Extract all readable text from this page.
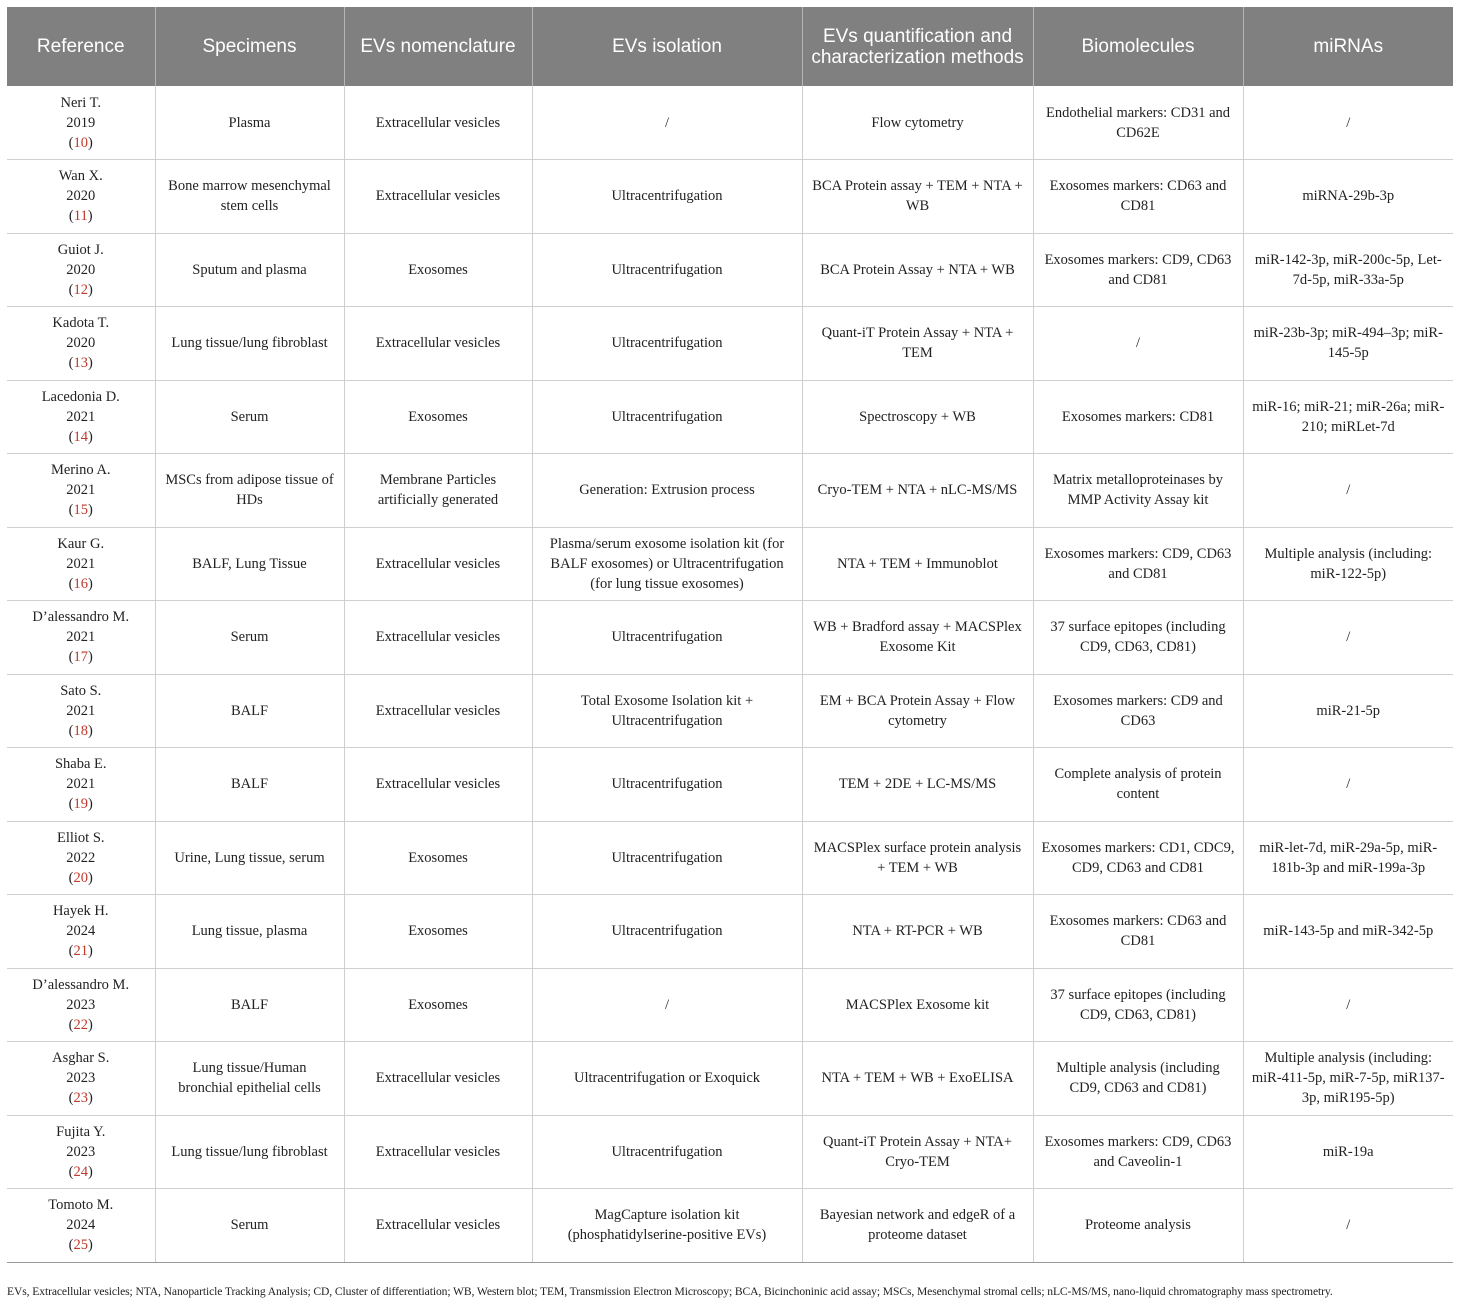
Reference	Specimens	EVs nomenclature	EVs isolation	EVs quantification and characterization methods	Biomolecules	miRNAs

Neri T.
2019
(10)	Plasma	Extracellular vesicles	/	Flow cytometry	Endothelial markers: CD31 and CD62E	/

Wan X.
2020
(11)	Bone marrow mesenchymal stem cells	Extracellular vesicles	Ultracentrifugation	BCA Protein assay + TEM + NTA + WB	Exosomes markers: CD63 and CD81	miRNA-29b-3p

Guiot J.
2020
(12)	Sputum and plasma	Exosomes	Ultracentrifugation	BCA Protein Assay + NTA + WB	Exosomes markers: CD9, CD63 and CD81	miR-142-3p, miR-200c-5p, Let-7d-5p, miR-33a-5p

Kadota T.
2020
(13)	Lung tissue/lung fibroblast	Extracellular vesicles	Ultracentrifugation	Quant-iT Protein Assay + NTA + TEM	/	miR-23b-3p; miR-494–3p; miR-145-5p

Lacedonia D.
2021
(14)	Serum	Exosomes	Ultracentrifugation	Spectroscopy + WB	Exosomes markers: CD81	miR-16; miR-21; miR-26a; miR-210; miRLet-7d

Merino A.
2021
(15)	MSCs from adipose tissue of HDs	Membrane Particles artificially generated	Generation: Extrusion process	Cryo-TEM + NTA + nLC-MS/MS	Matrix metalloproteinases by MMP Activity Assay kit	/

Kaur G.
2021
(16)	BALF, Lung Tissue	Extracellular vesicles	Plasma/serum exosome isolation kit (for BALF exosomes) or Ultracentrifugation (for lung tissue exosomes)	NTA + TEM + Immunoblot	Exosomes markers: CD9, CD63 and CD81	Multiple analysis (including: miR-122-5p)

D’alessandro M.
2021
(17)	Serum	Extracellular vesicles	Ultracentrifugation	WB + Bradford assay + MACSPlex Exosome Kit	37 surface epitopes (including CD9, CD63, CD81)	/

Sato S.
2021
(18)	BALF	Extracellular vesicles	Total Exosome Isolation kit + Ultracentrifugation	EM + BCA Protein Assay + Flow cytometry	Exosomes markers: CD9 and CD63	miR-21-5p

Shaba E.
2021
(19)	BALF	Extracellular vesicles	Ultracentrifugation	TEM + 2DE + LC-MS/MS	Complete analysis of protein content	/

Elliot S.
2022
(20)	Urine, Lung tissue, serum	Exosomes	Ultracentrifugation	MACSPlex surface protein analysis + TEM + WB	Exosomes markers: CD1, CDC9, CD9, CD63 and CD81	miR-let-7d, miR-29a-5p, miR-181b-3p and miR-199a-3p

Hayek H.
2024
(21)	Lung tissue, plasma	Exosomes	Ultracentrifugation	NTA + RT-PCR + WB	Exosomes markers: CD63 and CD81	miR-143-5p and miR-342-5p

D’alessandro M.
2023
(22)	BALF	Exosomes	/	MACSPlex Exosome kit	37 surface epitopes (including CD9, CD63, CD81)	/

Asghar S.
2023
(23)	Lung tissue/Human bronchial epithelial cells	Extracellular vesicles	Ultracentrifugation or Exoquick	NTA + TEM + WB + ExoELISA	Multiple analysis (including CD9, CD63 and CD81)	Multiple analysis (including: miR-411-5p, miR-7-5p, miR137-3p, miR195-5p)

Fujita Y.
2023
(24)	Lung tissue/lung fibroblast	Extracellular vesicles	Ultracentrifugation	Quant-iT Protein Assay + NTA+ Cryo-TEM	Exosomes markers: CD9, CD63 and Caveolin-1	miR-19a

Tomoto M.
2024
(25)	Serum	Extracellular vesicles	MagCapture isolation kit (phosphatidylserine-positive EVs)	Bayesian network and edgeR of a proteome dataset	Proteome analysis	/
EVs, Extracellular vesicles; NTA, Nanoparticle Tracking Analysis; CD, Cluster of differentiation; WB, Western blot; TEM, Transmission Electron Microscopy; BCA, Bicinchoninic acid assay; MSCs, Mesenchymal stromal cells; nLC-MS/MS, nano-liquid chromatography mass spectrometry.
